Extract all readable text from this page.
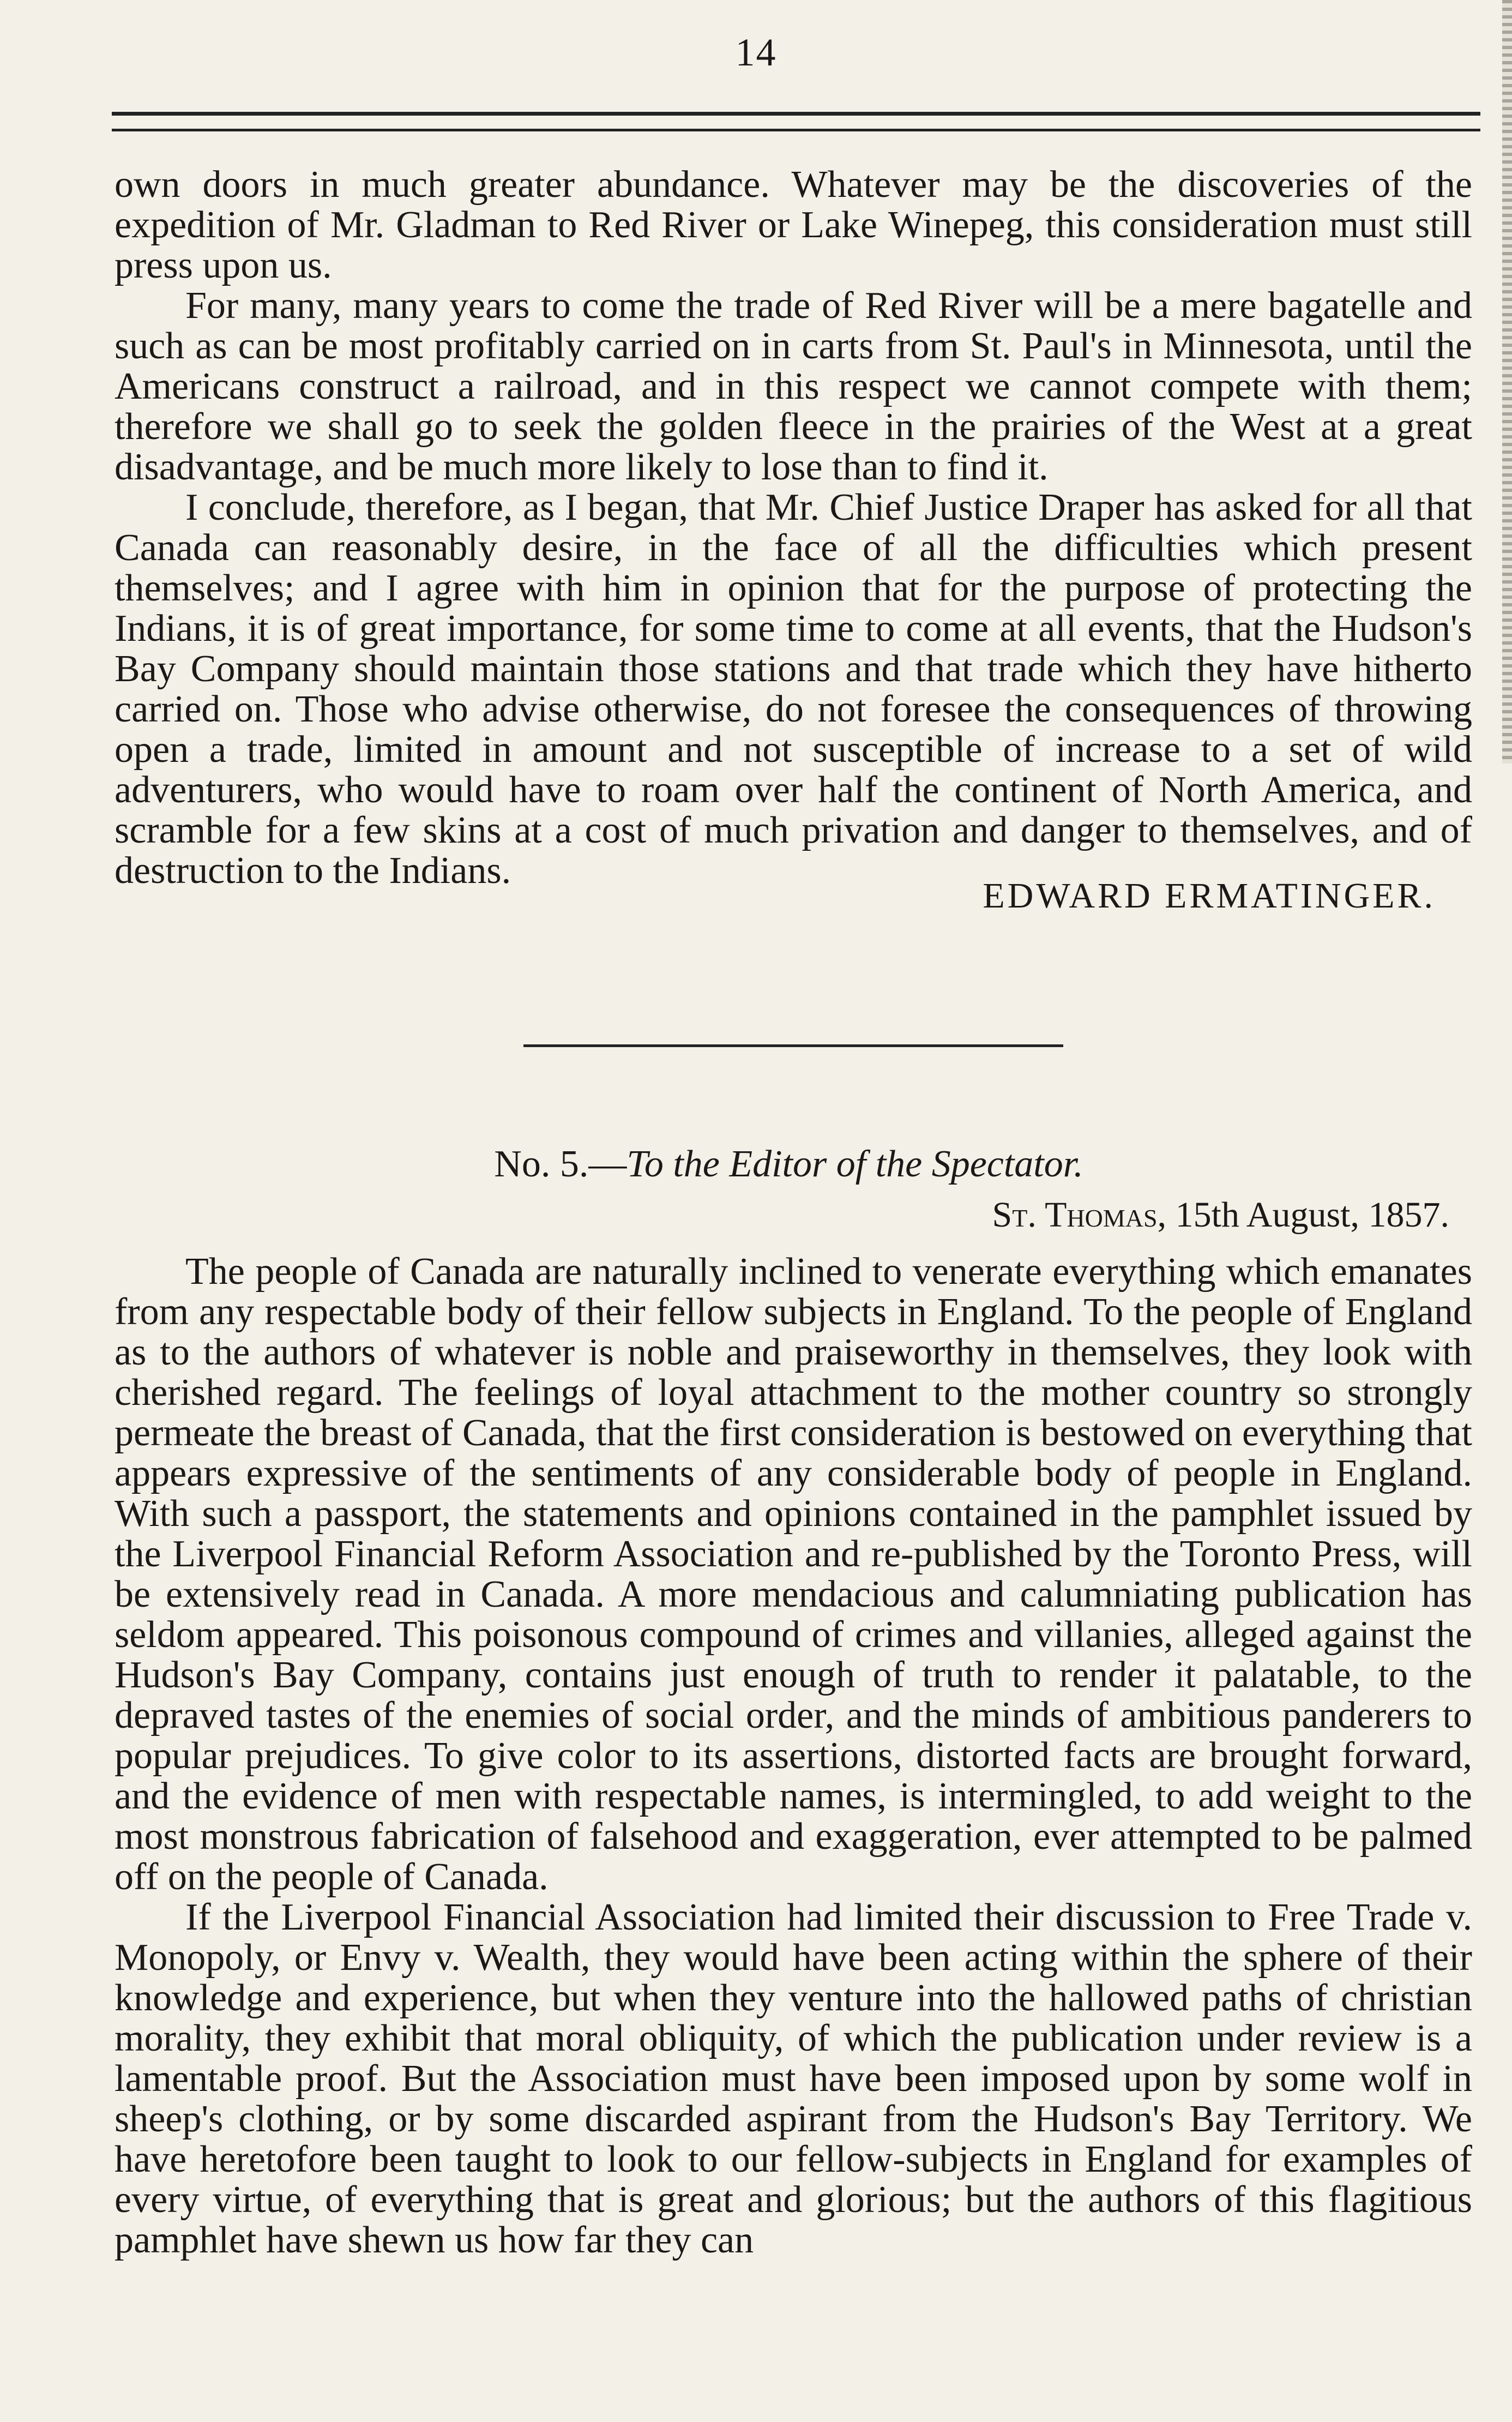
14

own doors in much greater abundance. Whatever may be the discoveries of the expedition of Mr. Gladman to Red River or Lake Winepeg, this consideration must still press upon us.

For many, many years to come the trade of Red River will be a mere bagatelle and such as can be most profitably carried on in carts from St. Paul's in Minnesota, until the Americans construct a railroad, and in this respect we cannot compete with them; therefore we shall go to seek the golden fleece in the prairies of the West at a great disadvantage, and be much more likely to lose than to find it.

I conclude, therefore, as I began, that Mr. Chief Justice Draper has asked for all that Canada can reasonably desire, in the face of all the difficulties which present themselves; and I agree with him in opinion that for the purpose of protecting the Indians, it is of great importance, for some time to come at all events, that the Hudson's Bay Company should maintain those stations and that trade which they have hitherto carried on. Those who advise otherwise, do not foresee the consequences of throwing open a trade, limited in amount and not susceptible of increase to a set of wild adventurers, who would have to roam over half the continent of North America, and scramble for a few skins at a cost of much privation and danger to themselves, and of destruction to the Indians.

EDWARD ERMATINGER.
No. 5.—To the Editor of the Spectator.
St. Thomas, 15th August, 1857.

The people of Canada are naturally inclined to venerate everything which emanates from any respectable body of their fellow subjects in England. To the people of England as to the authors of whatever is noble and praiseworthy in themselves, they look with cherished regard. The feelings of loyal attachment to the mother country so strongly permeate the breast of Canada, that the first consideration is bestowed on everything that appears expressive of the sentiments of any considerable body of people in England. With such a passport, the statements and opinions contained in the pamphlet issued by the Liverpool Financial Reform Association and re-published by the Toronto Press, will be extensively read in Canada. A more mendacious and calumniating publication has seldom appeared. This poisonous compound of crimes and villanies, alleged against the Hudson's Bay Company, contains just enough of truth to render it palatable, to the depraved tastes of the enemies of social order, and the minds of ambitious panderers to popular prejudices. To give color to its assertions, distorted facts are brought forward, and the evidence of men with respectable names, is intermingled, to add weight to the most monstrous fabrication of falsehood and exaggeration, ever attempted to be palmed off on the people of Canada.

If the Liverpool Financial Association had limited their discussion to Free Trade v. Monopoly, or Envy v. Wealth, they would have been acting within the sphere of their knowledge and experience, but when they venture into the hallowed paths of christian morality, they exhibit that moral obliquity, of which the publication under review is a lamentable proof. But the Association must have been imposed upon by some wolf in sheep's clothing, or by some discarded aspirant from the Hudson's Bay Territory. We have heretofore been taught to look to our fellow-subjects in England for examples of every virtue, of everything that is great and glorious; but the authors of this flagitious pamphlet have shewn us how far they can
